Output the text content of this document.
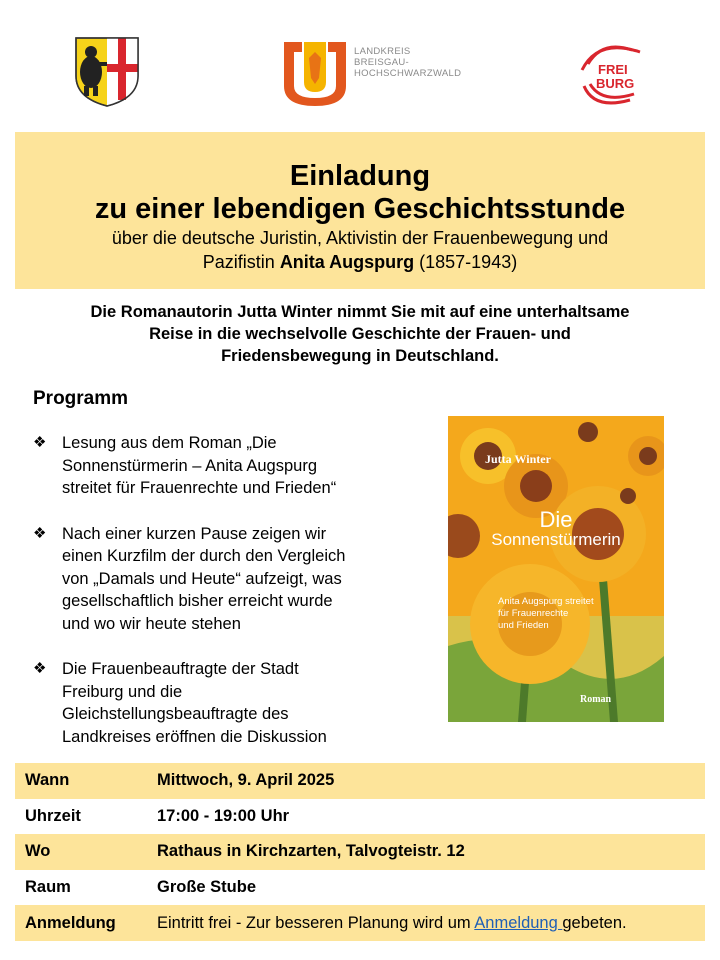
LANDKREIS
BREISGAU-
HOCHSCHWARZWALD	FREI
BURG
Einladung
zu einer lebendigen Geschichtsstunde
über die deutsche Juristin, Aktivistin der Frauenbewegung und
Pazifistin Anita Augspurg (1857-1943)
Die Romanautorin Jutta Winter nimmt Sie mit auf eine unterhaltsame
Reise in die wechselvolle Geschichte der Frauen- und
Friedensbewegung in Deutschland.
Programm
❖ Lesung aus dem Roman „Die
Sonnenstürmerin – Anita Augspurg
streitet für Frauenrechte und Frieden“
❖ Nach einer kurzen Pause zeigen wir
einen Kurzfilm der durch den Vergleich
von „Damals und Heute“ aufzeigt, was
gesellschaftlich bisher erreicht wurde
und wo wir heute stehen
❖ Die Frauenbeauftragte der Stadt
Freiburg und die
Gleichstellungsbeauftragte des
Landkreises eröffnen die Diskussion
Jutta Winter
Die
Sonnenstürmerin
Anita Augspurg streitet
für Frauenrechte
und Frieden
Roman
Wann	Mittwoch, 9. April 2025
Uhrzeit	17:00 - 19:00 Uhr
Wo	Rathaus in Kirchzarten, Talvogteistr. 12
Raum	Große Stube
Anmeldung	Eintritt frei - Zur besseren Planung wird um Anmeldung gebeten.
